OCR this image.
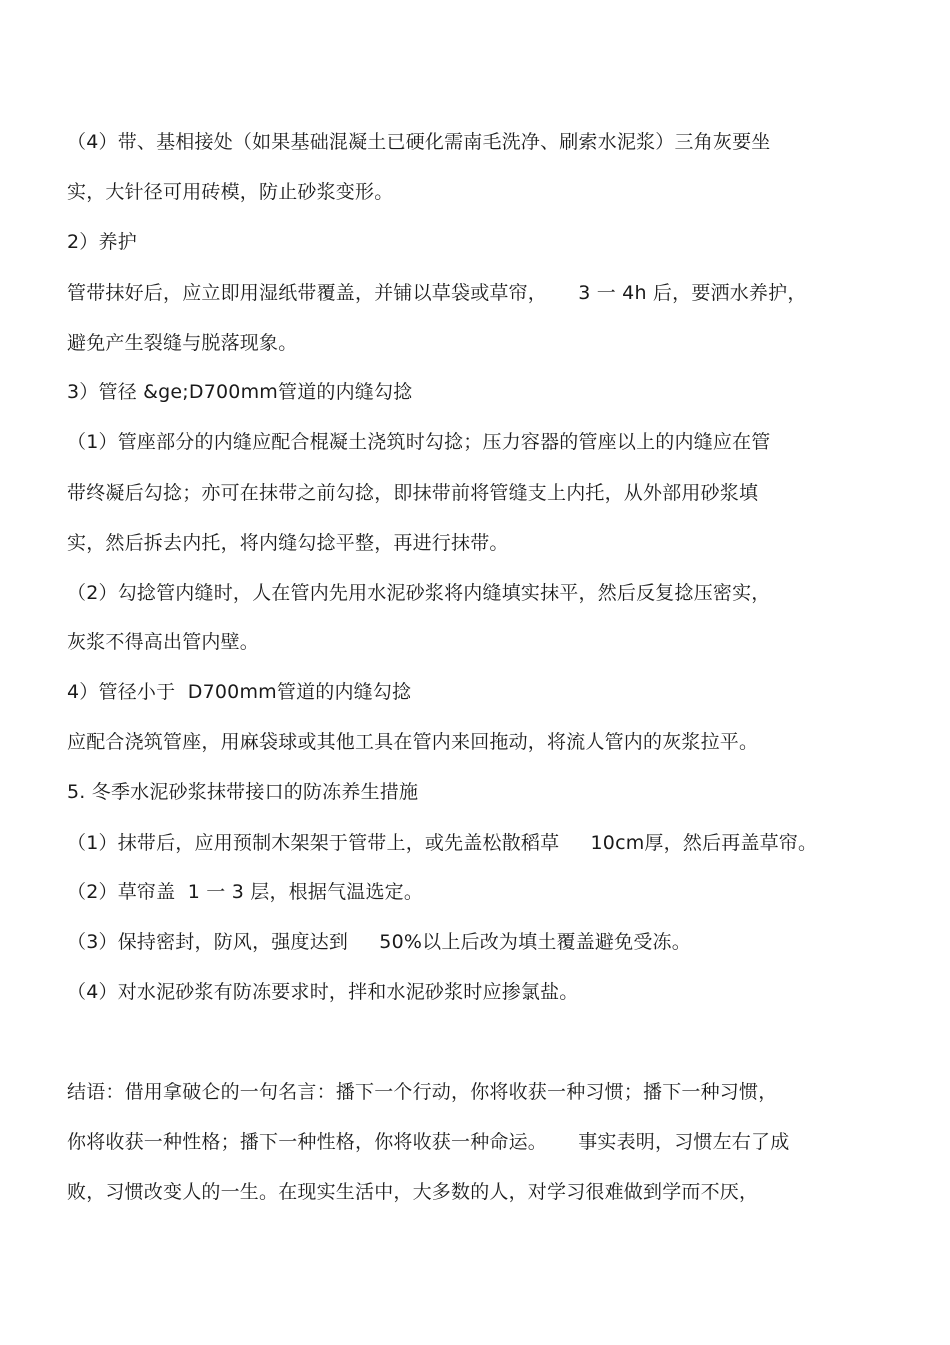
（4）带、基相接处（如果基础混凝土已硬化需南毛洗净、刷索水泥浆）三角灰要坐
实，大针径可用砖模，防止砂浆变形。
2）养护
管带抹好后，应立即用湿纸带覆盖，并铺以草袋或草帘，     3 一 4h 后，要洒水养护，
避免产生裂缝与脱落现象。
3）管径 &ge;D700mm管道的内缝勾捻
（1）管座部分的内缝应配合棍凝土浇筑时勾捻；压力容器的管座以上的内缝应在管
带终凝后勾捻；亦可在抹带之前勾捻，即抹带前将管缝支上内托，从外部用砂浆填
实，然后拆去内托，将内缝勾捻平整，再进行抹带。
（2）勾捻管内缝时，人在管内先用水泥砂浆将内缝填实抹平，然后反复捻压密实，
灰浆不得高出管内壁。
4）管径小于  D700mm管道的内缝勾捻
应配合浇筑管座，用麻袋球或其他工具在管内来回拖动，将流人管内的灰浆拉平。
5. 冬季水泥砂浆抹带接口的防冻养生措施
（1）抹带后，应用预制木架架于管带上，或先盖松散稻草     10cm厚，然后再盖草帘。
（2）草帘盖  1 一 3 层，根据气温选定。
（3）保持密封，防风，强度达到     50%以上后改为填土覆盖避免受冻。
（4）对水泥砂浆有防冻要求时，拌和水泥砂浆时应掺氯盐。
结语：借用拿破仑的一句名言：播下一个行动，你将收获一种习惯；播下一种习惯，
你将收获一种性格；播下一种性格，你将收获一种命运。     事实表明，习惯左右了成
败，习惯改变人的一生。在现实生活中，大多数的人，对学习很难做到学而不厌，
